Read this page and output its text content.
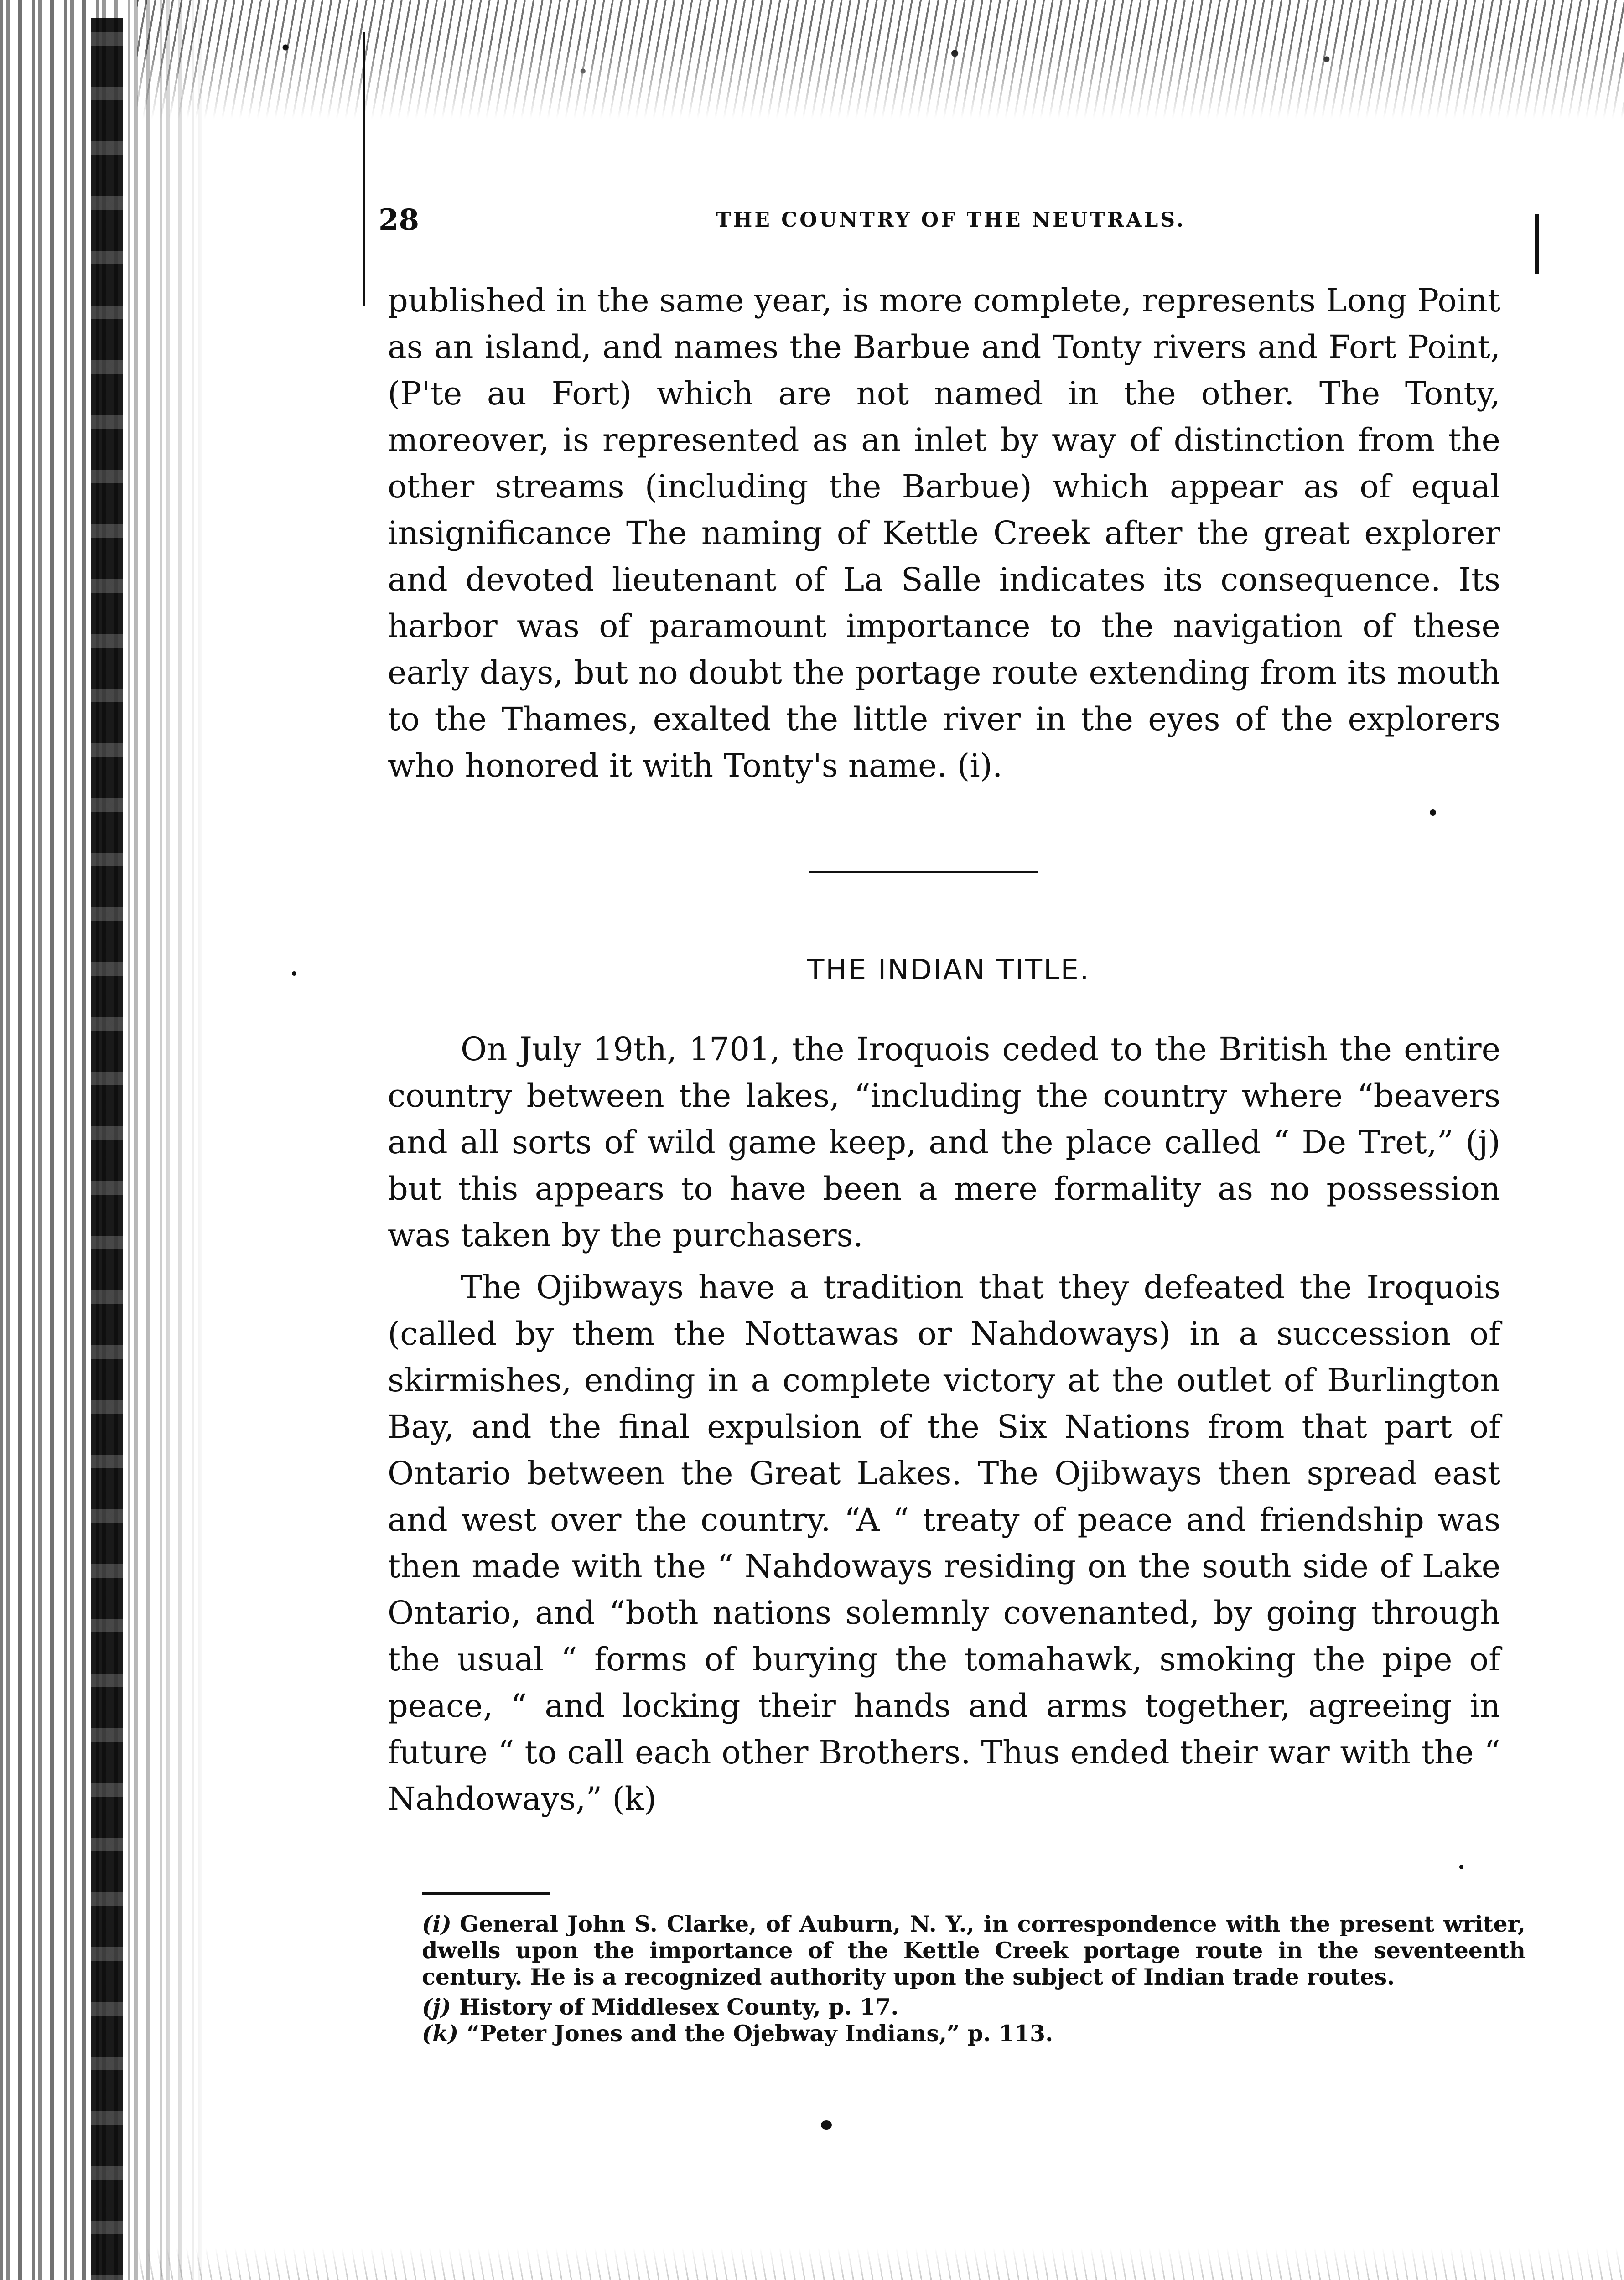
28	THE COUNTRY OF THE NEUTRALS.

published in the same year, is more complete, represents Long Point as an island, and names the Barbue and Tonty rivers and Fort Point, (P'te au Fort) which are not named in the other. The Tonty, moreover, is represented as an inlet by way of distinction from the other streams (including the Barbue) which appear as of equal insignificance The naming of Kettle Creek after the great explorer and devoted lieutenant of La Salle indicates its consequence. Its harbor was of paramount importance to the navigation of these early days, but no doubt the portage route extending from its mouth to the Thames, exalted the little river in the eyes of the explorers who honored it with Tonty's name. (i).

THE INDIAN TITLE.

On July 19th, 1701, the Iroquois ceded to the British the entire country between the lakes, “including the country where “beavers and all sorts of wild game keep, and the place called “ De Tret,” (j) but this appears to have been a mere formality as no possession was taken by the purchasers.

The Ojibways have a tradition that they defeated the Iroquois (called by them the Nottawas or Nahdoways) in a succession of skirmishes, ending in a complete victory at the outlet of Burlington Bay, and the final expulsion of the Six Nations from that part of Ontario between the Great Lakes. The Ojibways then spread east and west over the country. “A “ treaty of peace and friendship was then made with the “ Nahdoways residing on the south side of Lake Ontario, and “both nations solemnly covenanted, by going through the usual “ forms of burying the tomahawk, smoking the pipe of peace, “ and locking their hands and arms together, agreeing in future “ to call each other Brothers. Thus ended their war with the “ Nahdoways,” (k)

(i) General John S. Clarke, of Auburn, N. Y., in correspondence with the present writer, dwells upon the importance of the Kettle Creek portage route in the seventeenth century. He is a recognized authority upon the subject of Indian trade routes.

(j) History of Middlesex County, p. 17.

(k) “Peter Jones and the Ojebway Indians,” p. 113.
